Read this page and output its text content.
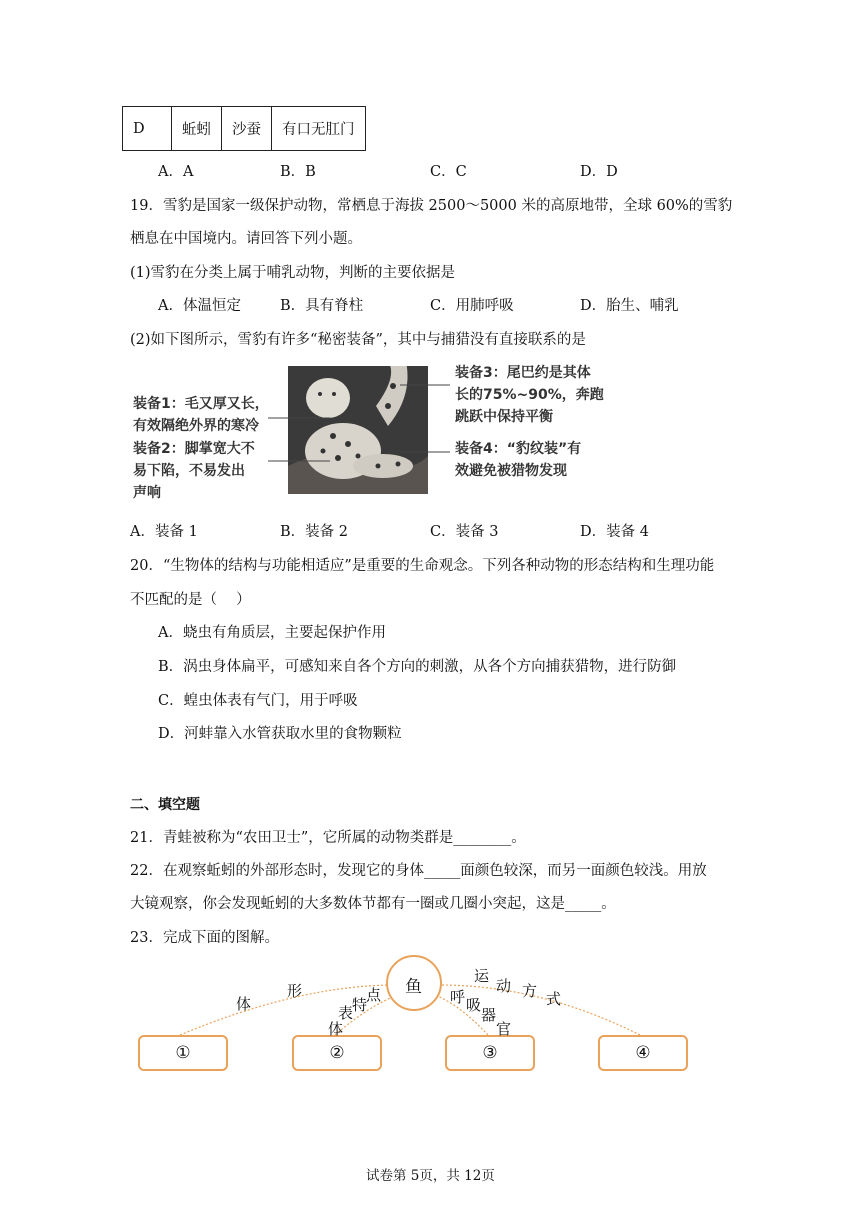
D	蚯蚓	沙蚕	有口无肛门
A．A	B．B	C．C	D．D
19．雪豹是国家一级保护动物，常栖息于海拔 2500～5000 米的高原地带，全球 60%的雪豹
栖息在中国境内。请回答下列小题。
(1)雪豹在分类上属于哺乳动物，判断的主要依据是
A．体温恒定	B．具有脊柱	C．用肺呼吸	D．胎生、哺乳
(2)如下图所示，雪豹有许多“秘密装备”，其中与捕猎没有直接联系的是
装备1：毛又厚又长，
有效隔绝外界的寒冷
装备2：脚掌宽大不
易下陷，不易发出
声响
装备3：尾巴约是其体
长的75%~90%，奔跑
跳跃中保持平衡
装备4：“豹纹装”有
效避免被猎物发现
A．装备 1	B．装备 2	C．装备 3	D．装备 4
20．“生物体的结构与功能相适应”是重要的生命观念。下列各种动物的形态结构和生理功能
不匹配的是（　 ）
A．蛲虫有角质层，主要起保护作用
B．涡虫身体扁平，可感知来自各个方向的刺激，从各个方向捕获猎物，进行防御
C．蝗虫体表有气门，用于呼吸
D．河蚌靠入水管获取水里的食物颗粒
二、填空题
21．青蛙被称为“农田卫士”，它所属的动物类群是________。
22．在观察蚯蚓的外部形态时，发现它的身体_____面颜色较深，而另一面颜色较浅。用放
大镜观察，你会发现蚯蚓的大多数体节都有一圈或几圈小突起，这是_____。
23．完成下面的图解。
鱼
①	②	③	④
体
形
体
表
特
点	呼 吸
器
官
运
动 方 式
试卷第 5页，共 12页
